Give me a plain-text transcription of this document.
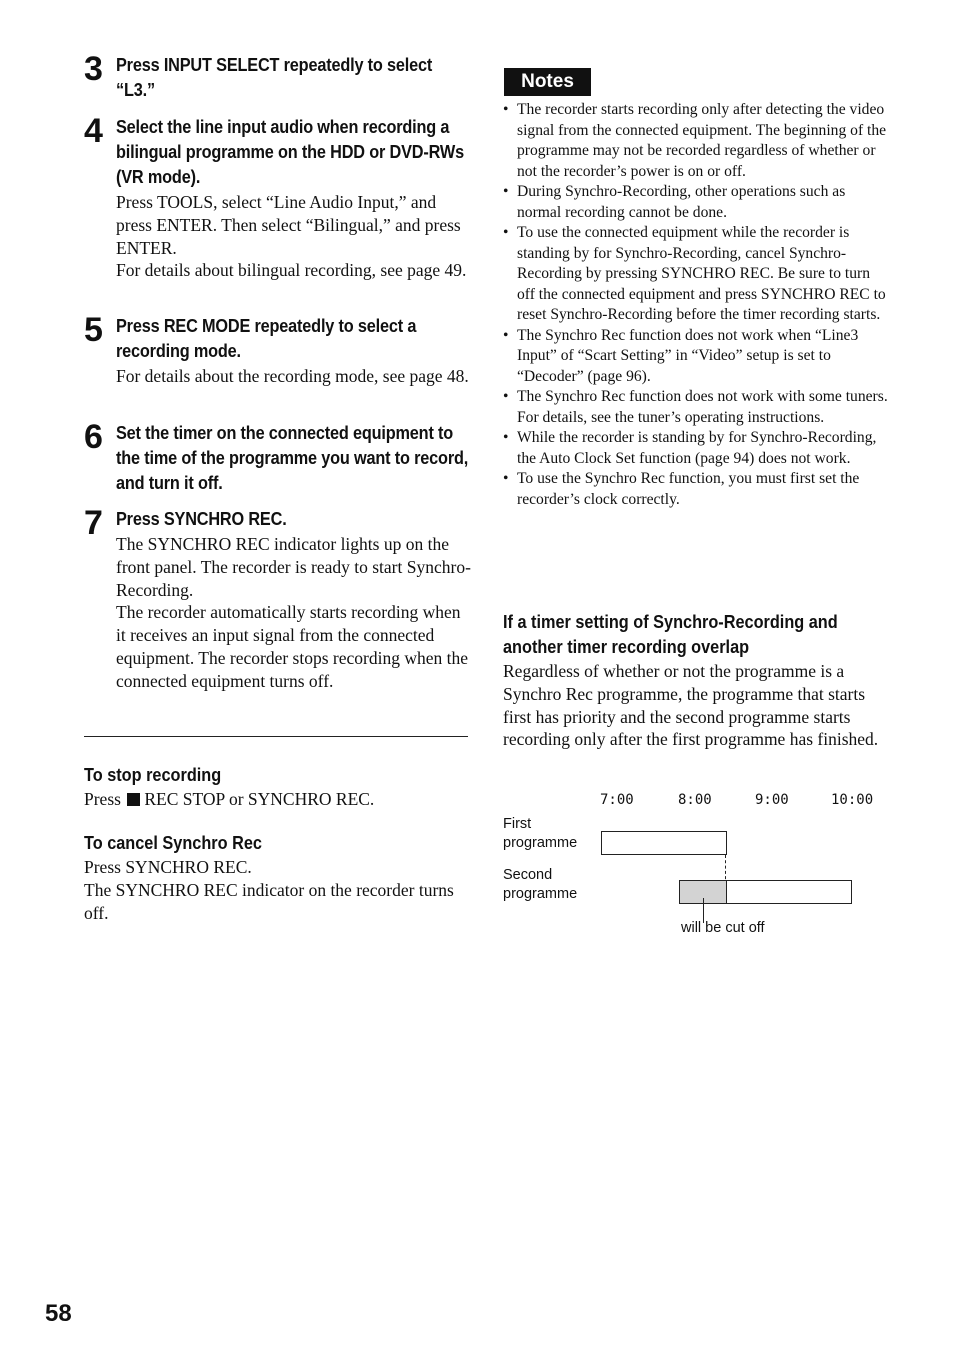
3 Press INPUT SELECT repeatedly to select “L3.”
4 Select the line input audio when recording a bilingual programme on the HDD or DVD-RWs (VR mode).

Press TOOLS, select “Line Audio Input,” and press ENTER. Then select “Bilingual,” and press ENTER.

For details about bilingual recording, see page 49.

5 Press REC MODE repeatedly to select a recording mode.

For details about the recording mode, see page 48.

6 Set the timer on the connected equipment to the time of the programme you want to record, and turn it off.
7 Press SYNCHRO REC.

The SYNCHRO REC indicator lights up on the front panel. The recorder is ready to start Synchro-Recording.

The recorder automatically starts recording when it receives an input signal from the connected equipment. The recorder stops recording when the connected equipment turns off.

To stop recording

Press REC STOP or SYNCHRO REC.

To cancel Synchro Rec

Press SYNCHRO REC.

The SYNCHRO REC indicator on the recorder turns off.

Notes
• The recorder starts recording only after detecting the video signal from the connected equipment. The beginning of the programme may not be recorded regardless of whether or not the recorder’s power is on or off.
• During Synchro-Recording, other operations such as normal recording cannot be done.
• To use the connected equipment while the recorder is standing by for Synchro-Recording, cancel Synchro-Recording by pressing SYNCHRO REC. Be sure to turn off the connected equipment and press SYNCHRO REC to reset Synchro-Recording before the timer recording starts.
• The Synchro Rec function does not work when “Line3 Input” of “Scart Setting” in “Video” setup is set to “Decoder” (page 96).
• The Synchro Rec function does not work with some tuners. For details, see the tuner’s operating instructions.
• While the recorder is standing by for Synchro-Recording, the Auto Clock Set function (page 94) does not work.
• To use the Synchro Rec function, you must first set the recorder’s clock correctly.
If a timer setting of Synchro-Recording and another timer recording overlap
Regardless of whether or not the programme is a Synchro Rec programme, the programme that starts first has priority and the second programme starts recording only after the first programme has finished.
7:00	8:00	9:00	10:00
First
programme
Second
programme
will be cut off
58
